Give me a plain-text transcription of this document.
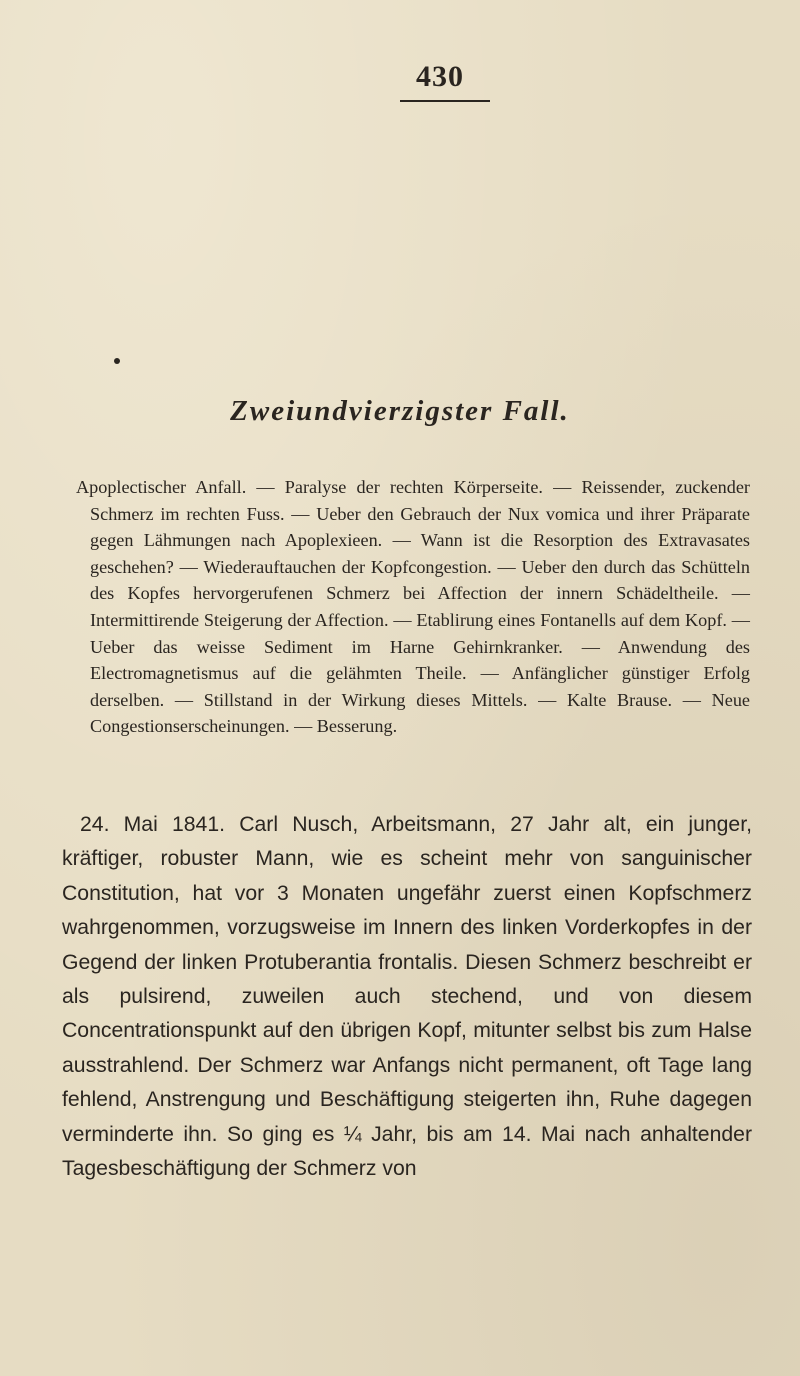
430
Zweiundvierzigster Fall.
Apoplectischer Anfall. — Paralyse der rechten Körperseite. — Reissender, zuckender Schmerz im rechten Fuss. — Ueber den Gebrauch der Nux vomica und ihrer Präparate gegen Lähmungen nach Apoplexieen. — Wann ist die Resorption des Extravasates geschehen? — Wiederauftauchen der Kopfcongestion. — Ueber den durch das Schütteln des Kopfes hervorgerufenen Schmerz bei Affection der innern Schädeltheile. — Intermittirende Steigerung der Affection. — Etablirung eines Fontanells auf dem Kopf. — Ueber das weisse Sediment im Harne Gehirnkranker. — Anwendung des Electromagnetismus auf die gelähmten Theile. — Anfänglicher günstiger Erfolg derselben. — Stillstand in der Wirkung dieses Mittels. — Kalte Brause. — Neue Congestionserscheinungen. — Besserung.
24. Mai 1841. Carl Nusch, Arbeitsmann, 27 Jahr alt, ein junger, kräftiger, robuster Mann, wie es scheint mehr von sanguinischer Constitution, hat vor 3 Monaten ungefähr zuerst einen Kopfschmerz wahrgenommen, vorzugsweise im Innern des linken Vorderkopfes in der Gegend der linken Protuberantia frontalis. Diesen Schmerz beschreibt er als pulsirend, zuweilen auch stechend, und von diesem Concentrationspunkt auf den übrigen Kopf, mitunter selbst bis zum Halse ausstrahlend. Der Schmerz war Anfangs nicht permanent, oft Tage lang fehlend, Anstrengung und Beschäftigung steigerten ihn, Ruhe dagegen verminderte ihn. So ging es ¼ Jahr, bis am 14. Mai nach anhaltender Tagesbeschäftigung der Schmerz von
